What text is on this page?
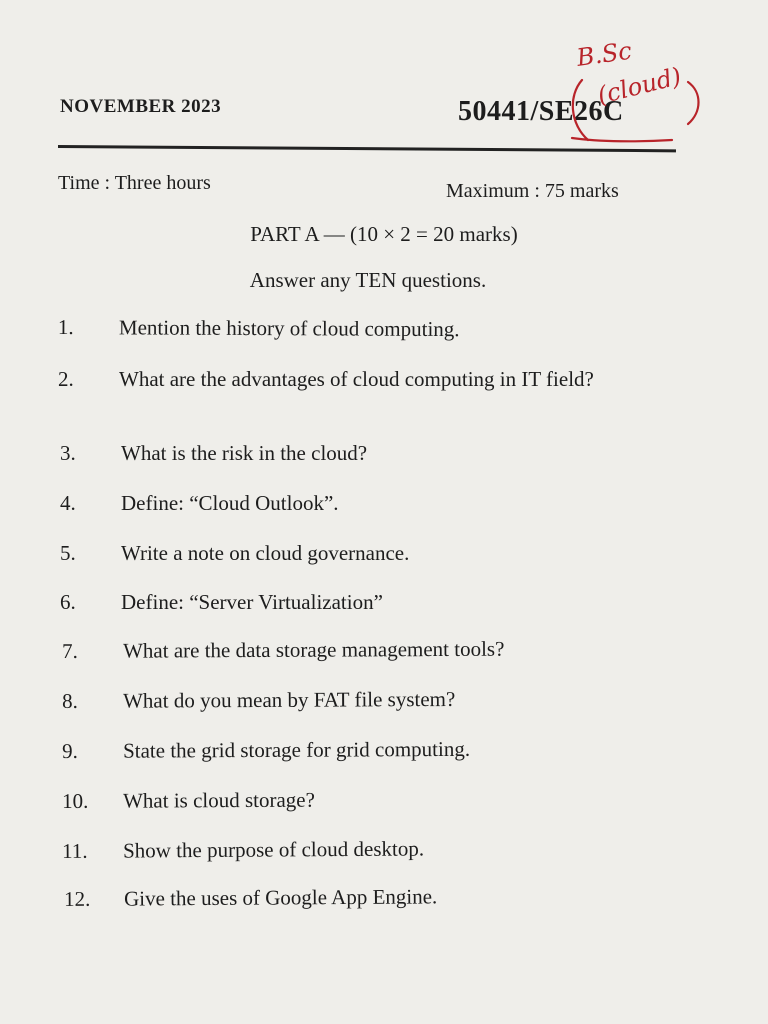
NOVEMBER 2023	50441/SE26C
B.Sc
(cloud)
Time : Three hours	Maximum : 75 marks
PART A — (10 × 2 = 20 marks)
Answer any TEN questions.
1. Mention the history of cloud computing.
2. What are the advantages of cloud computing in IT field?
3. What is the risk in the cloud?
4. Define: “Cloud Outlook”.
5. Write a note on cloud governance.
6. Define: “Server Virtualization”
7. What are the data storage management tools?
8. What do you mean by FAT file system?
9. State the grid storage for grid computing.
10. What is cloud storage?
11. Show the purpose of cloud desktop.
12. Give the uses of Google App Engine.
